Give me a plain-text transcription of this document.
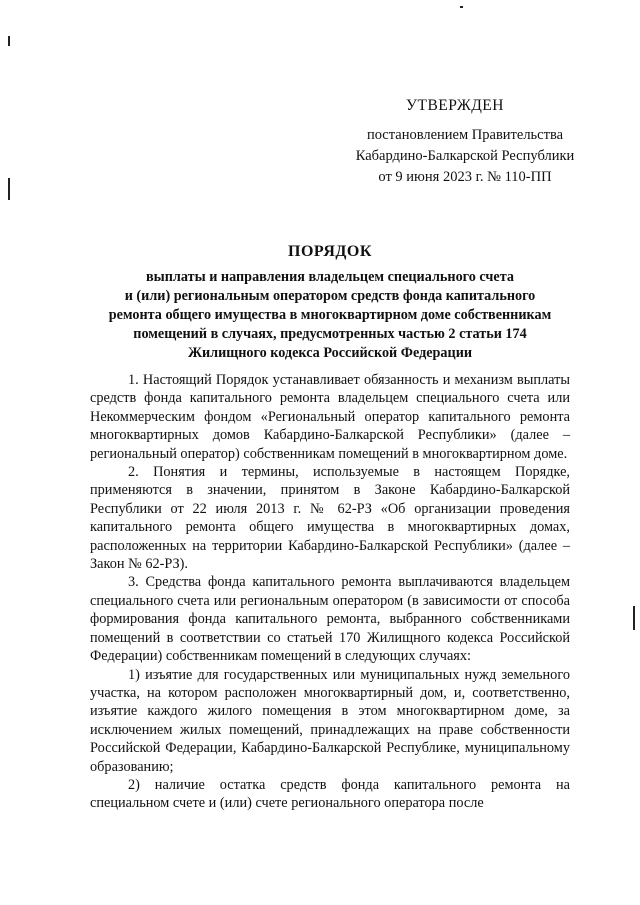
УТВЕРЖДЕН
постановлением Правительства
Кабардино-Балкарской Республики
от 9 июня 2023 г. № 110-ПП
ПОРЯДОК
выплаты и направления владельцем специального счета
и (или) региональным оператором средств фонда капитального
ремонта общего имущества в многоквартирном доме собственникам
помещений в случаях, предусмотренных частью 2 статьи 174
Жилищного кодекса Российской Федерации

1. Настоящий Порядок устанавливает обязанность и механизм выплаты средств фонда капитального ремонта владельцем специального счета или Некоммерческим фондом «Региональный оператор капитального ремонта многоквартирных домов Кабардино-Балкарской Республики» (далее – региональный оператор) собственникам помещений в многоквартирном доме.

2. Понятия и термины, используемые в настоящем Порядке, применяются в значении, принятом в Законе Кабардино-Балкарской Республики от 22 июля 2013 г. № 62-РЗ «Об организации проведения капитального ремонта общего имущества в многоквартирных домах, расположенных на территории Кабардино-Балкарской Республики» (далее – Закон № 62-РЗ).

3. Средства фонда капитального ремонта выплачиваются владельцем специального счета или региональным оператором (в зависимости от способа формирования фонда капитального ремонта, выбранного собственниками помещений в соответствии со статьей 170 Жилищного кодекса Российской Федерации) собственникам помещений в следующих случаях:

1) изъятие для государственных или муниципальных нужд земельного участка, на котором расположен многоквартирный дом, и, соответственно, изъятие каждого жилого помещения в этом многоквартирном доме, за исключением жилых помещений, принадлежащих на праве собственности Российской Федерации, Кабардино-Балкарской Республике, муниципальному образованию;

2) наличие остатка средств фонда капитального ремонта на специальном счете и (или) счете регионального оператора после
